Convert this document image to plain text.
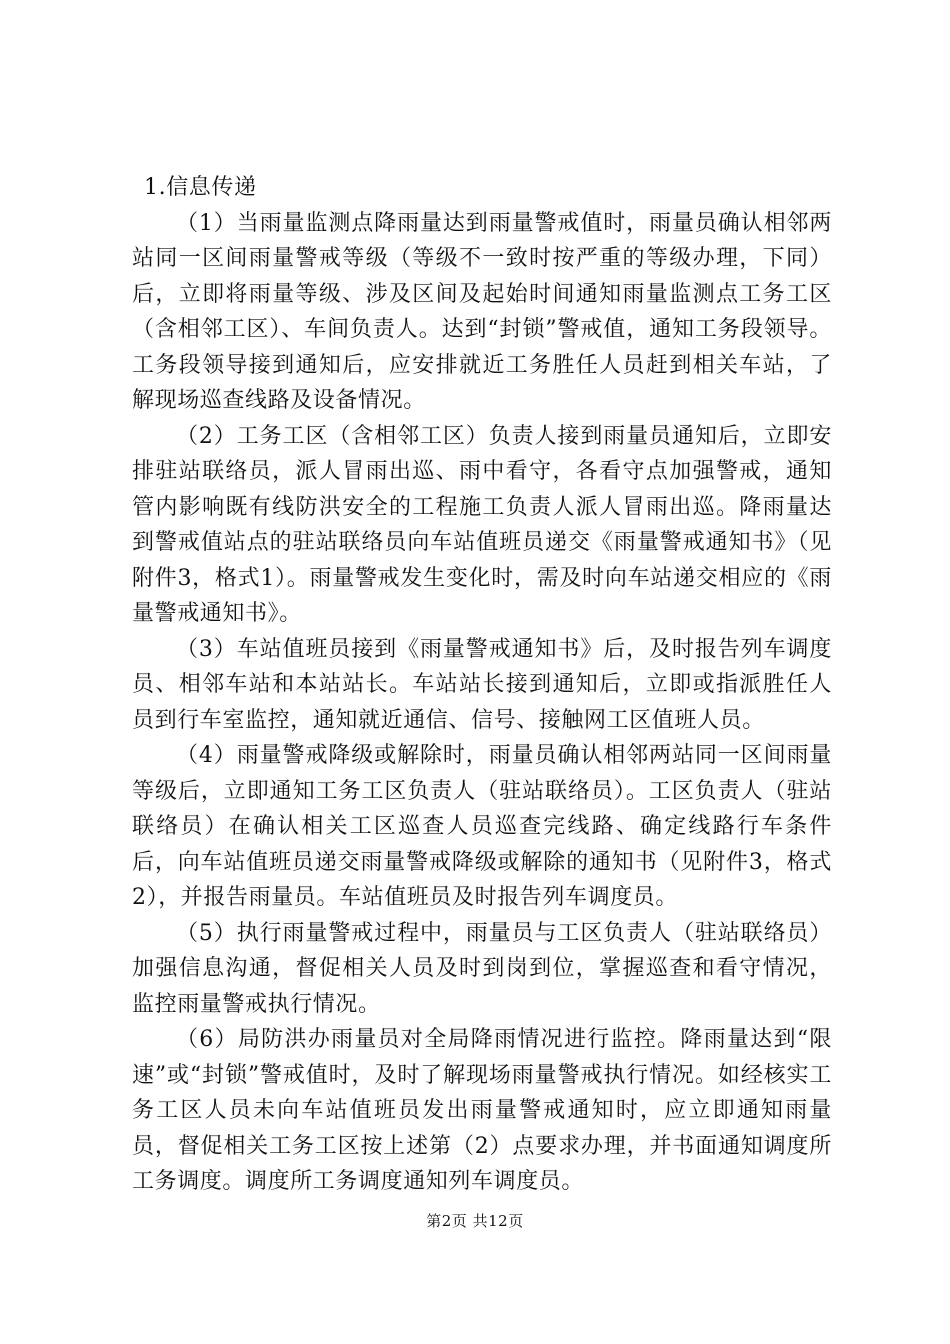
1.信息传递

（1）当雨量监测点降雨量达到雨量警戒值时，雨量员确认相邻两站同一区间雨量警戒等级（等级不一致时按严重的等级办理，下同）后，立即将雨量等级、涉及区间及起始时间通知雨量监测点工务工区（含相邻工区）、车间负责人。达到“封锁”警戒值，通知工务段领导。工务段领导接到通知后，应安排就近工务胜任人员赶到相关车站，了解现场巡查线路及设备情况。

（2）工务工区（含相邻工区）负责人接到雨量员通知后，立即安排驻站联络员，派人冒雨出巡、雨中看守，各看守点加强警戒，通知管内影响既有线防洪安全的工程施工负责人派人冒雨出巡。降雨量达到警戒值站点的驻站联络员向车站值班员递交《雨量警戒通知书》（见附件3，格式1）。雨量警戒发生变化时，需及时向车站递交相应的《雨量警戒通知书》。

（3）车站值班员接到《雨量警戒通知书》后，及时报告列车调度员、相邻车站和本站站长。车站站长接到通知后，立即或指派胜任人员到行车室监控，通知就近通信、信号、接触网工区值班人员。

（4）雨量警戒降级或解除时，雨量员确认相邻两站同一区间雨量等级后，立即通知工务工区负责人（驻站联络员）。工区负责人（驻站联络员）在确认相关工区巡查人员巡查完线路、确定线路行车条件后，向车站值班员递交雨量警戒降级或解除的通知书（见附件3，格式2），并报告雨量员。车站值班员及时报告列车调度员。

（5）执行雨量警戒过程中，雨量员与工区负责人（驻站联络员）加强信息沟通，督促相关人员及时到岗到位，掌握巡查和看守情况，监控雨量警戒执行情况。

（6）局防洪办雨量员对全局降雨情况进行监控。降雨量达到“限速”或“封锁”警戒值时，及时了解现场雨量警戒执行情况。如经核实工务工区人员未向车站值班员发出雨量警戒通知时，应立即通知雨量员，督促相关工务工区按上述第（2）点要求办理，并书面通知调度所工务调度。调度所工务调度通知列车调度员。

第2页 共12页
